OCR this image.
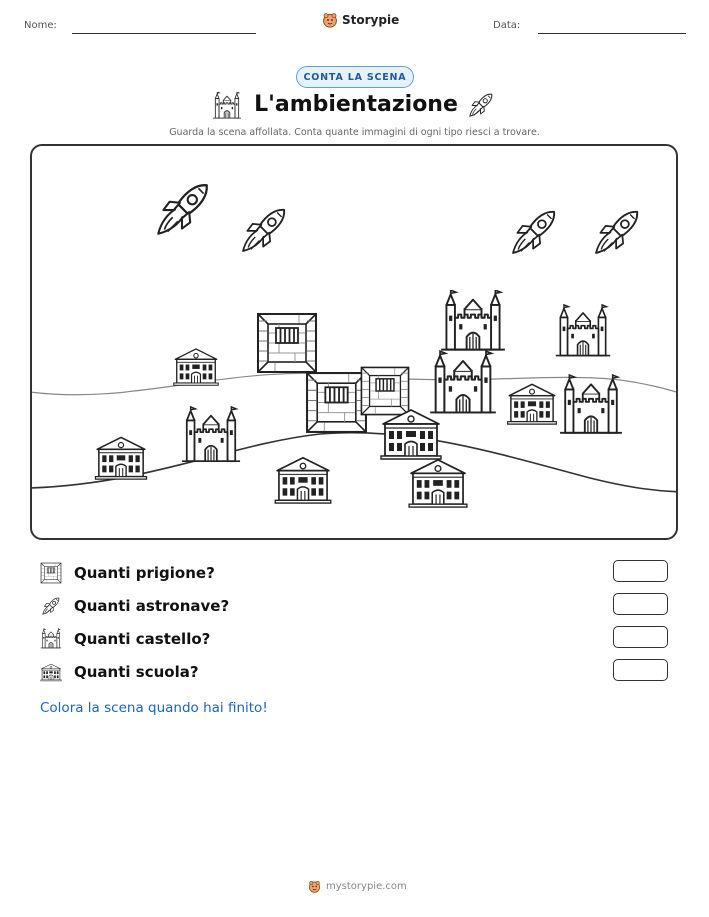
Nome:	Storypie	Data:
CONTA LA SCENA
L'ambientazione
Guarda la scena affollata. Conta quante immagini di ogni tipo riesci a trovare.
Quanti prigione?
Quanti astronave?
Quanti castello?
Quanti scuola?
Colora la scena quando hai finito!
mystorypie.com
